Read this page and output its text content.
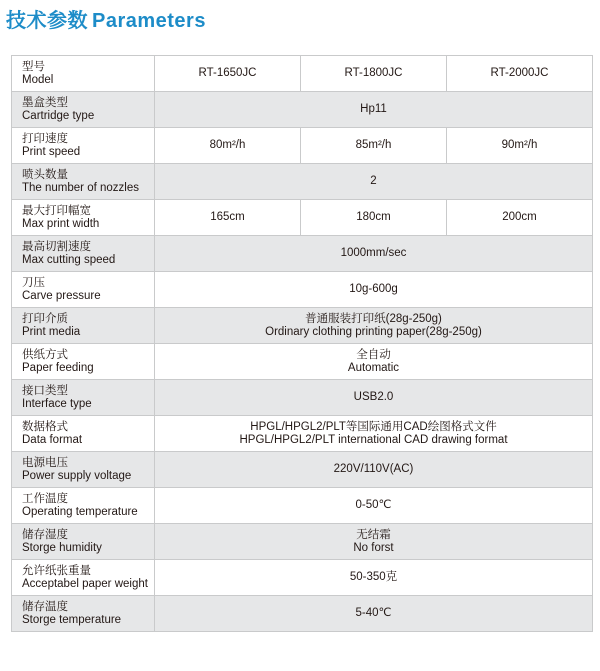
技术参数 Parameters
型号
Model	RT-1650JC	RT-1800JC	RT-2000JC

墨盒类型
Cartridge type	Hp11		

打印速度
Print speed	80m²/h	85m²/h	90m²/h

喷头数量
The number of nozzles	2		

最大打印幅宽
Max print width	165cm	180cm	200cm

最高切割速度
Max cutting speed	1000mm/sec		

刀压
Carve pressure	10g-600g		

打印介质
Print media	普通服装打印纸(28g-250g)
Ordinary clothing printing paper(28g-250g)		

供纸方式
Paper feeding	全自动
Automatic		

接口类型
Interface type	USB2.0		

数据格式
Data format	HPGL/HPGL2/PLT等国际通用CAD绘图格式文件
HPGL/HPGL2/PLT international CAD drawing format		

电源电压
Power supply voltage	220V/110V(AC)		

工作温度
Operating temperature	0-50℃		

储存湿度
Storge humidity	无结霜
No forst		

允许纸张重量
Acceptabel paper weight	50-350克		

储存温度
Storge temperature	5-40℃		
